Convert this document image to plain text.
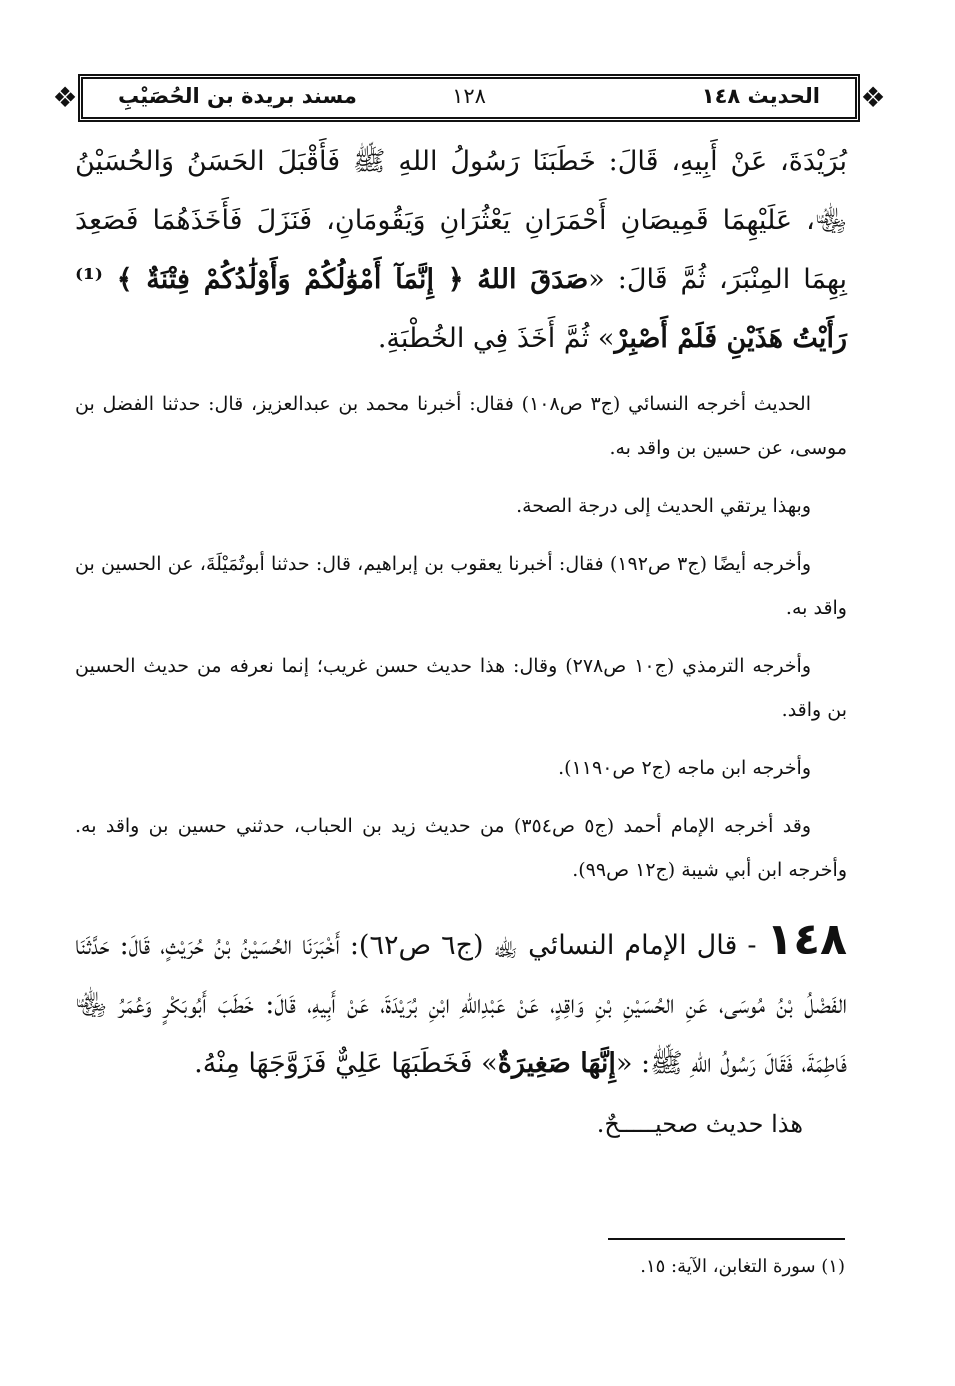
❖
الحديث ١٤٨
١٢٨
مسند بريدة بن الحُصَيْبِ
❖

بُرَيْدَةَ، عَنْ أَبِيهِ، قَالَ: خَطَبَنَا رَسُولُ اللهِ ﷺ فَأَقْبَلَ الحَسَنُ وَالحُسَيْنُ ﵄، عَلَيْهِمَا قَمِيصَانِ أَحْمَرَانِ يَعْثُرَانِ وَيَقُومَانِ، فَنَزَلَ فَأَخَذَهُمَا فَصَعِدَ بِهِمَا المِنْبَرَ، ثُمَّ قَالَ: «صَدَقَ اللهُ ﴿ إِنَّمَآ أَمْوَٰلُكُمْ وَأَوْلَٰدُكُمْ فِتْنَةٌ ﴾ ⁽¹⁾ رَأَيْتُ هَذَيْنِ فَلَمْ أَصْبِرْ» ثُمَّ أَخَذَ فِي الخُطْبَةِ.

الحديث أخرجه النسائي (ج٣ ص١٠٨) فقال: أخبرنا محمد بن عبدالعزيز، قال: حدثنا الفضل بن موسى، عن حسين بن واقد به.

وبهذا يرتقي الحديث إلى درجة الصحة.

وأخرجه أيضًا (ج٣ ص١٩٢) فقال: أخبرنا يعقوب بن إبراهيم، قال: حدثنا أبوتُمَيْلَةَ، عن الحسين بن واقد به.

وأخرجه الترمذي (ج١٠ ص٢٧٨) وقال: هذا حديث حسن غريب؛ إنما نعرفه من حديث الحسين بن واقد.

وأخرجه ابن ماجه (ج٢ ص١١٩٠).

وقد أخرجه الإمام أحمد (ج٥ ص٣٥٤) من حديث زيد بن الحباب، حدثني حسين بن واقد به. وأخرجه ابن أبي شيبة (ج١٢ ص٩٩).

١٤٨ - قال الإمام النسائي ﵀ (ج٦ ص٦٢): أَخْبَرَنَا الحُسَيْنُ بْنُ حُرَيْثٍ، قَالَ: حَدَّثَنَا الفَضْلُ بْنُ مُوسَى، عَنِ الحُسَيْنِ بْنِ وَاقِدٍ، عَنْ عَبْدِاللهِ ابْنِ بُرَيْدَةَ، عَنْ أَبِيهِ، قَالَ: خَطَبَ أَبُوبَكْرٍ وَعُمَرُ ﵄ فَاطِمَةَ، فَقَالَ رَسُولُ اللهِ ﷺ: «إِنَّهَا صَغِيرَةٌ» فَخَطَبَهَا عَلِيٌّ فَزَوَّجَهَا مِنْهُ.

هذا حديث صحيـــــحٌ.

(١) سورة التغابن، الآية: ١٥.
